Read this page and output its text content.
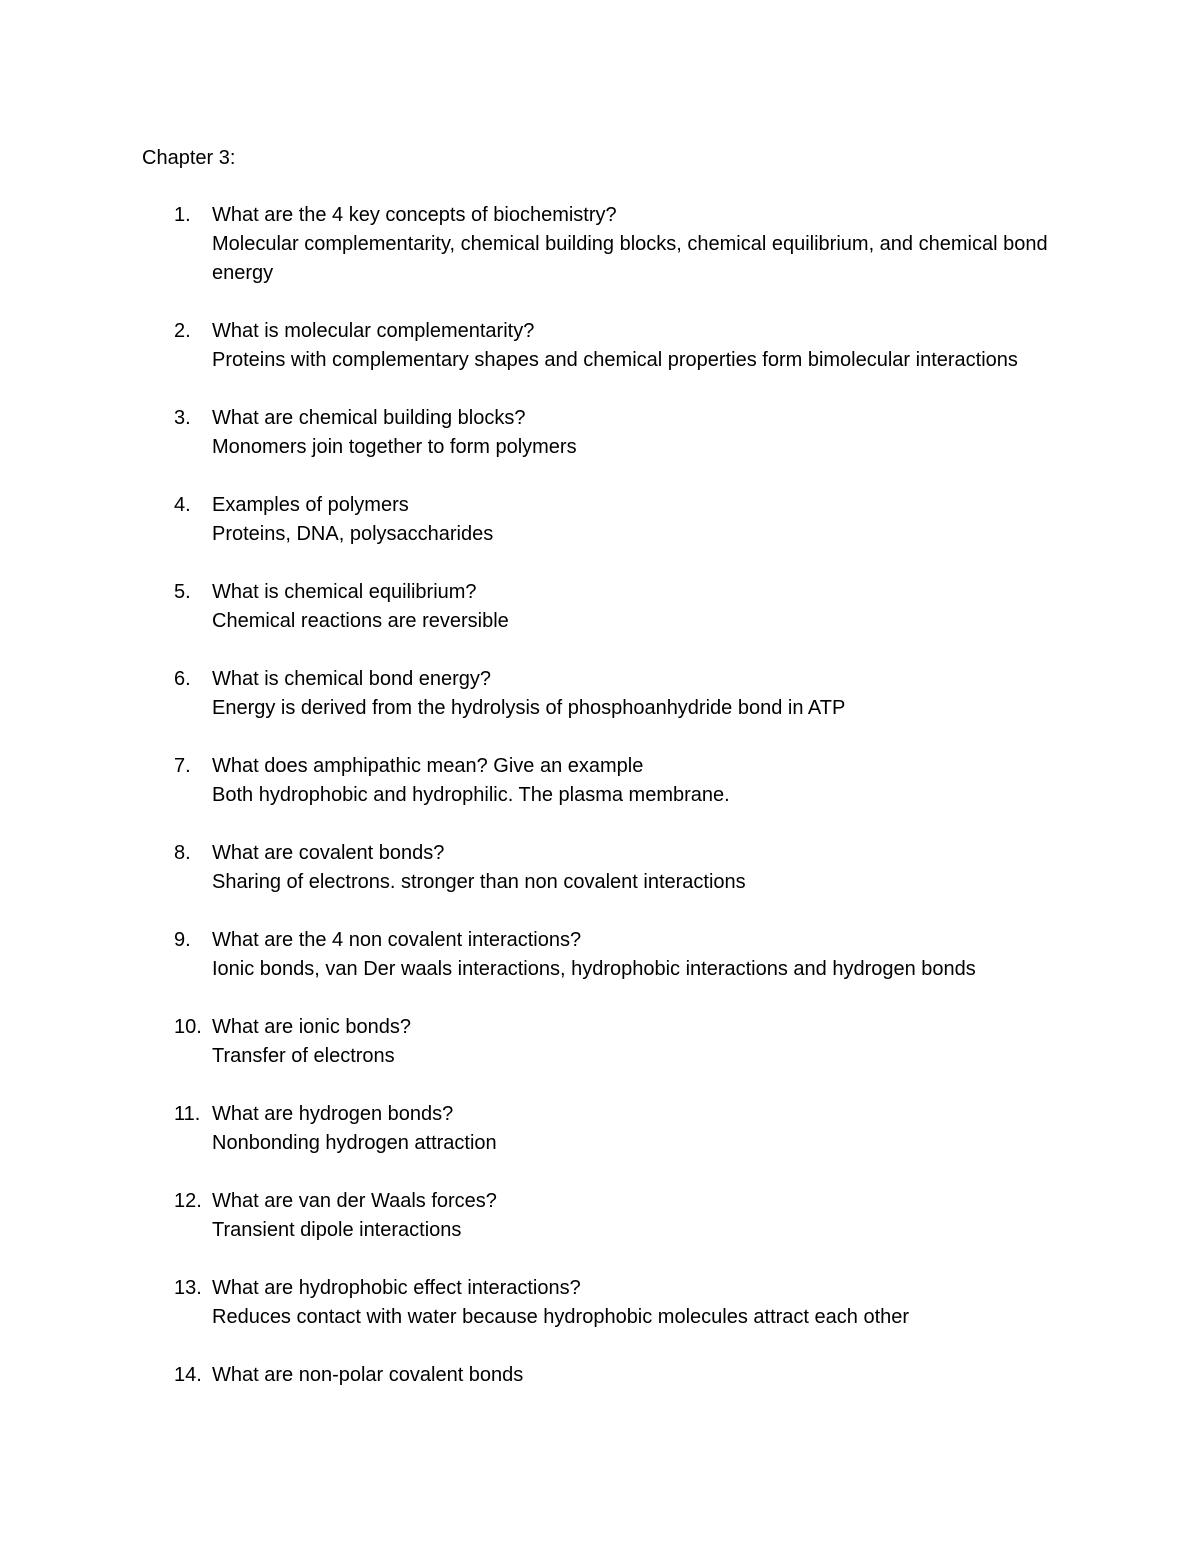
Chapter 3:
1.	What are the 4 key concepts of biochemistry?
Molecular complementarity, chemical building blocks, chemical equilibrium, and chemical bond energy
2.	What is molecular complementarity?
Proteins with complementary shapes and chemical properties form bimolecular interactions
3.	What are chemical building blocks?
Monomers join together to form polymers
4.	Examples of polymers
Proteins, DNA, polysaccharides
5.	What is chemical equilibrium?
Chemical reactions are reversible
6.	What is chemical bond energy?
Energy is derived from the hydrolysis of phosphoanhydride bond in ATP
7.	What does amphipathic mean? Give an example
Both hydrophobic and hydrophilic. The plasma membrane.
8.	What are covalent bonds?
Sharing of electrons. stronger than non covalent interactions
9.	What are the 4 non covalent interactions?
Ionic bonds, van Der waals interactions, hydrophobic interactions and hydrogen bonds
10. What are ionic bonds?
Transfer of electrons
11. What are hydrogen bonds?
Nonbonding hydrogen attraction
12. What are van der Waals forces?
Transient dipole interactions
13. What are hydrophobic effect interactions?
Reduces contact with water because hydrophobic molecules attract each other
14. What are non-polar covalent bonds
